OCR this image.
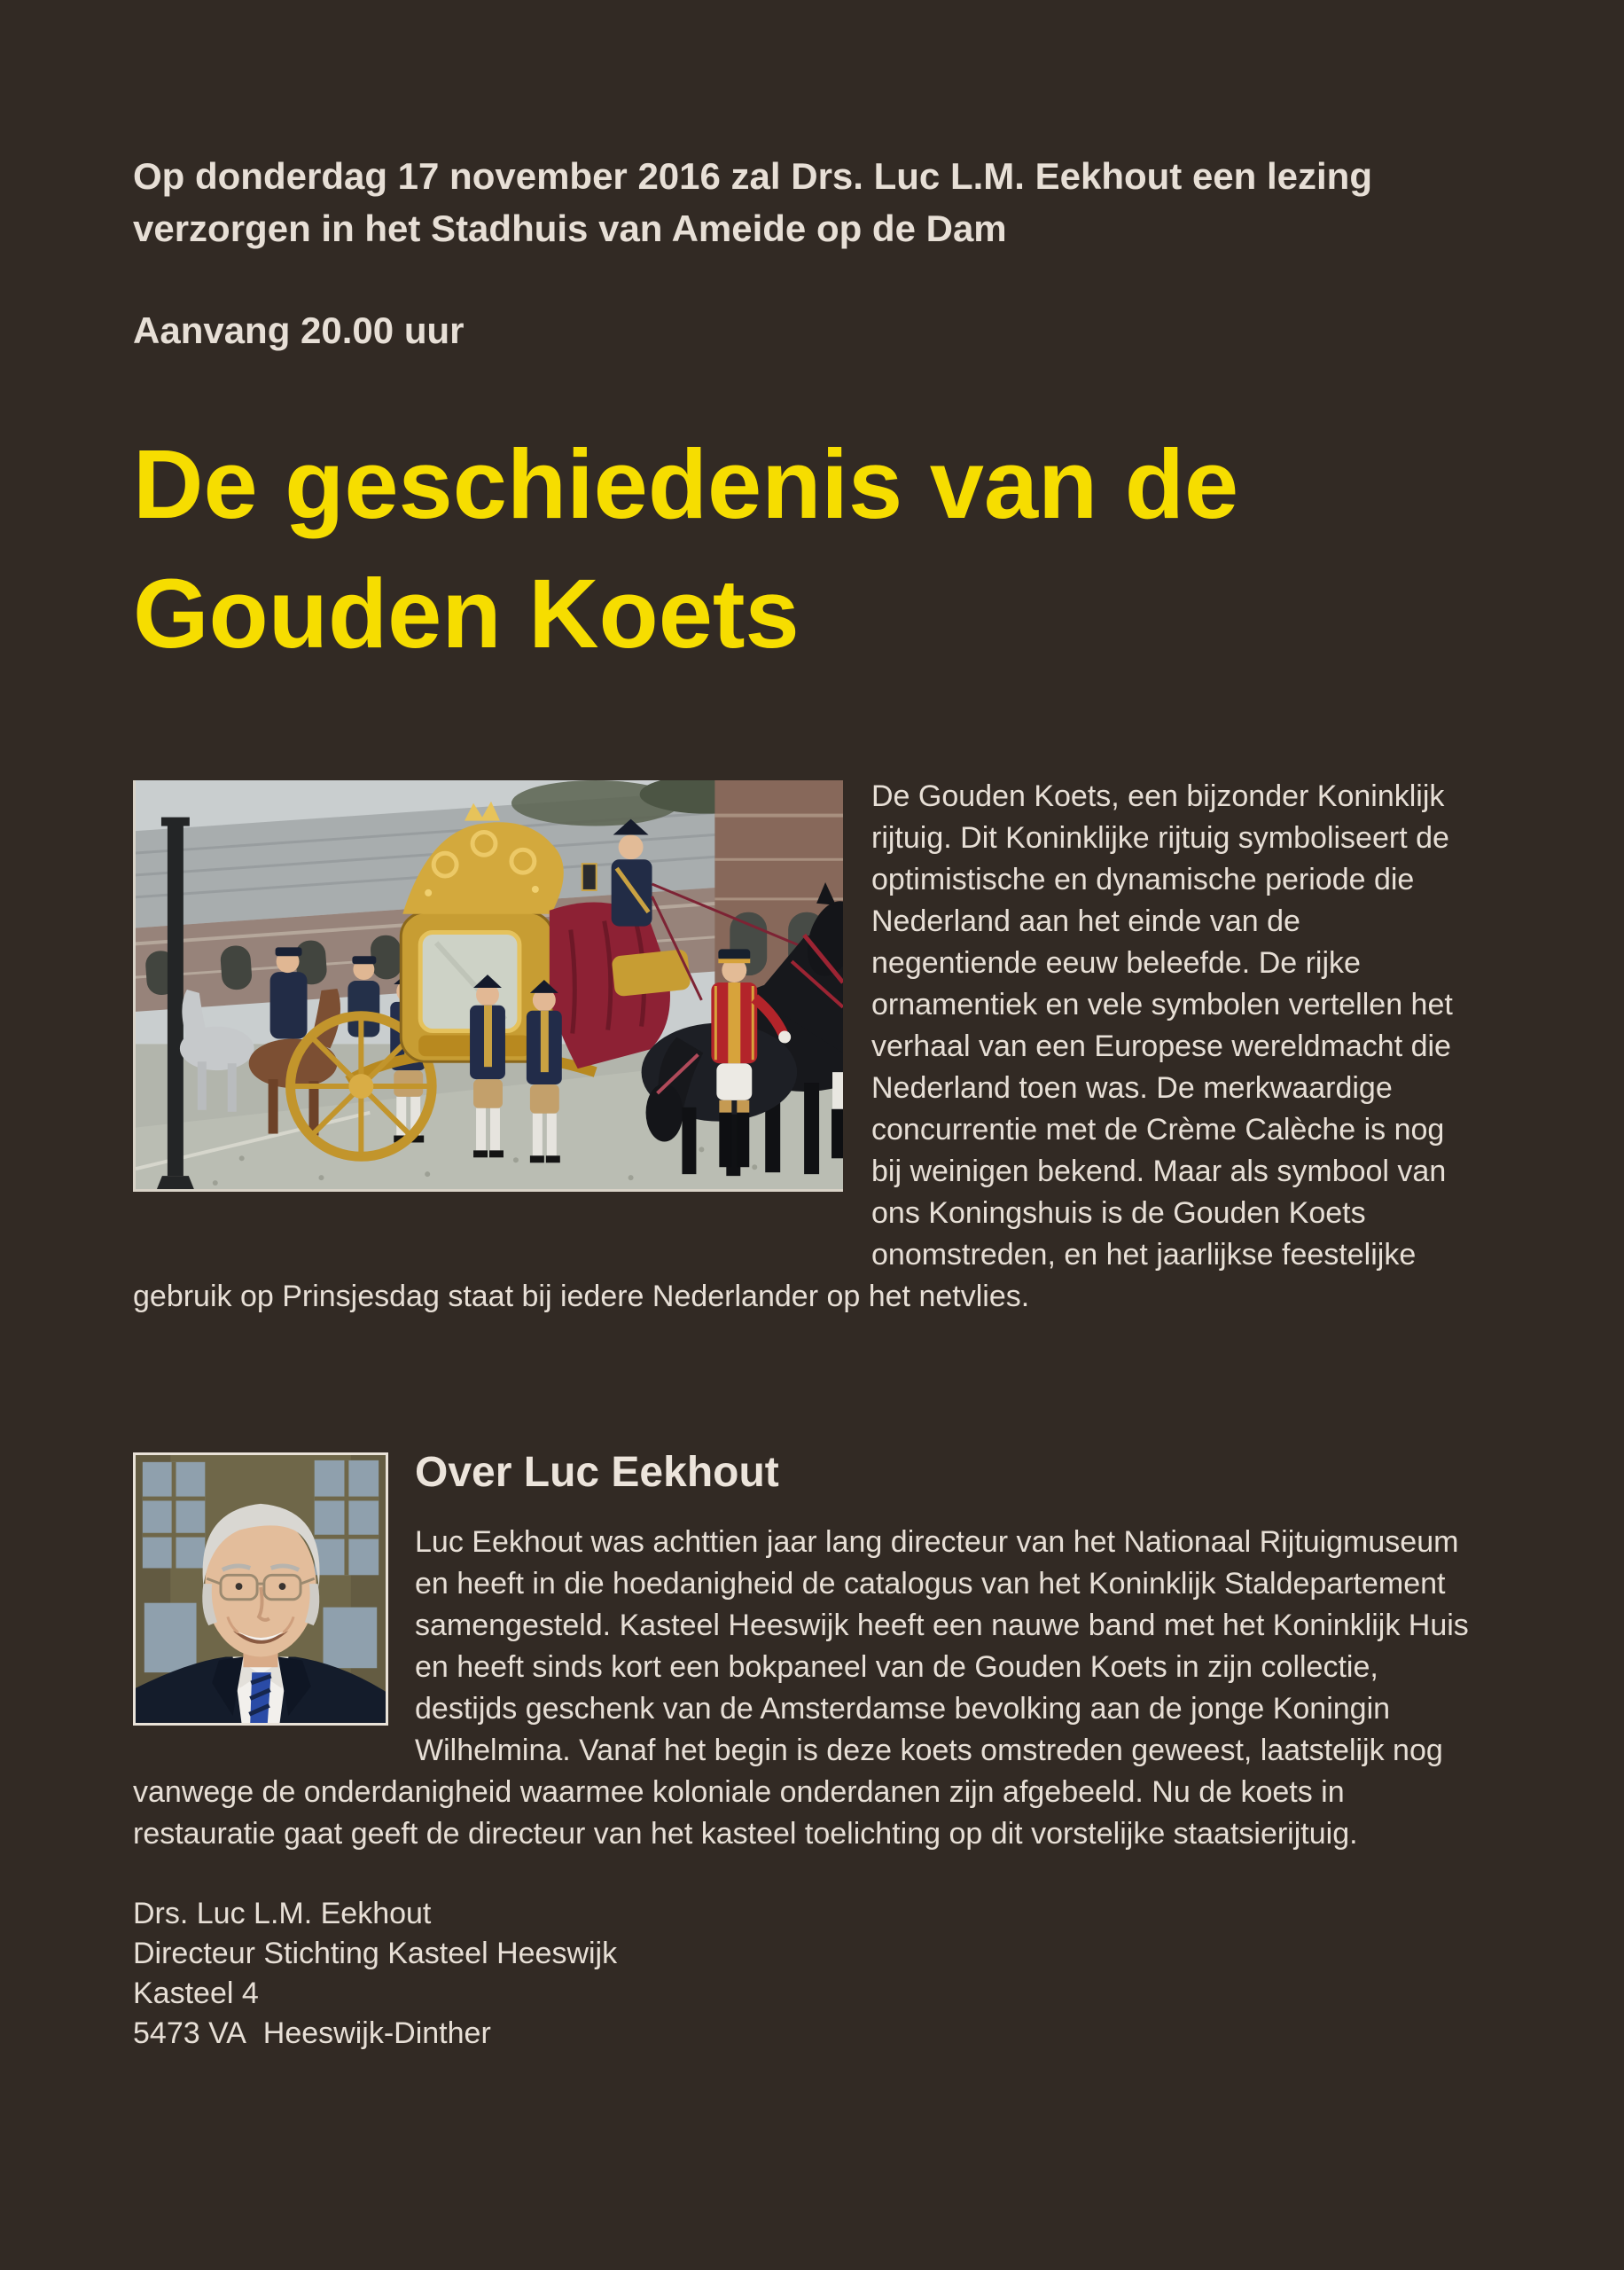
Op donderdag 17 november 2016 zal Drs. Luc L.M. Eekhout een lezing verzorgen in het Stadhuis van Ameide op de Dam
Aanvang 20.00 uur
De geschiedenis van de
Gouden Koets

De Gouden Koets, een bijzonder Koninklijk rijtuig. Dit Koninklijke rijtuig symboliseert de optimistische en dynamische periode die Nederland aan het einde van de negentiende eeuw beleefde. De rijke ornamentiek en vele symbolen vertellen het verhaal van een Europese wereldmacht die Nederland toen was. De merkwaardige concurrentie met de Crème Calèche is nog bij weinigen bekend. Maar als symbool van ons Koningshuis is de Gouden Koets onomstreden, en het jaarlijkse feestelijke gebruik op Prinsjesdag staat bij iedere Nederlander op het netvlies.

Over Luc Eekhout

Luc Eekhout was achttien jaar lang directeur van het Nationaal Rijtuigmuseum en heeft in die hoedanigheid de catalogus van het Koninklijk Staldepartement samengesteld. Kasteel Heeswijk heeft een nauwe band met het Koninklijk Huis en heeft sinds kort een bokpaneel van de Gouden Koets in zijn collectie, destijds geschenk van de Amsterdamse bevolking aan de jonge Koningin Wilhelmina. Vanaf het begin is deze koets omstreden geweest, laatstelijk nog vanwege de onderdanigheid waarmee koloniale onderdanen zijn afgebeeld. Nu de koets in restauratie gaat geeft de directeur van het kasteel toelichting op dit vorstelijke staatsierijtuig.

Drs. Luc L.M. Eekhout
Directeur Stichting Kasteel Heeswijk
Kasteel 4
5473 VA  Heeswijk-Dinther
